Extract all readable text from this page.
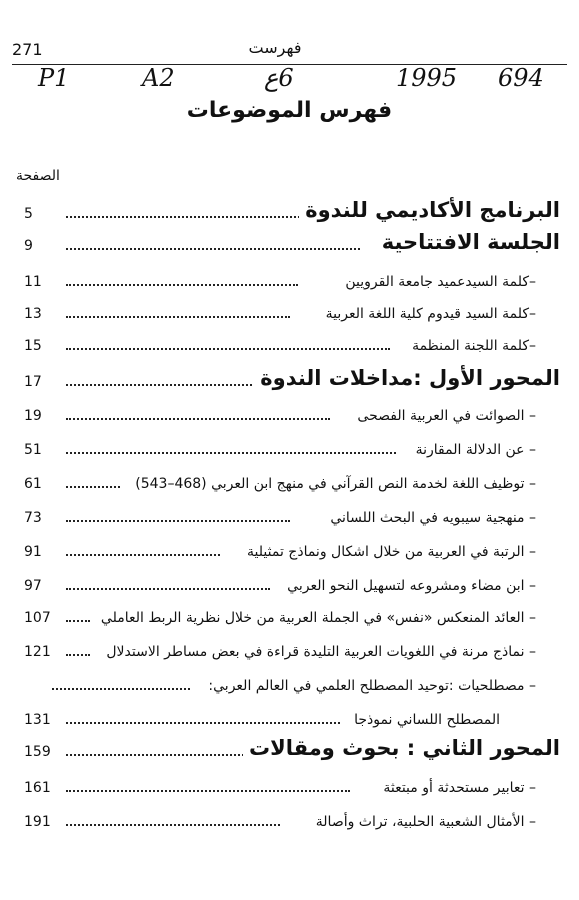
271	فهرست
P1	A2	6ع	1995 694
فهرس الموضوعات
الصفحة
5	البرنامج الأكاديمي للندوة
9	الجلسة الافتتاحية
11	–كلمة السيدعميد جامعة القرويين
13	–كلمة السيد قيدوم كلية اللغة العربية
15	–كلمة اللجنة المنظمة
17	المحور الأول :مداخلات الندوة
19	– الصوائت في العربية الفصحى
51	– عن الدلالة المقارنة
61	– توظيف اللغة لخدمة النص القرآني في منهج ابن العربي (468–543)
73	– منهجية سيبويه في البحث اللساني
91	– الرتبة في العربية من خلال اشكال ونماذج تمثيلية
97	– ابن مضاء ومشروعه لتسهيل النحو العربي
107	– العائد المنعكس «نفس» في الجملة العربية من خلال نظرية الربط العاملي
121	– نماذج مرنة في اللغويات العربية التليدة قراءة في بعض مساطر الاستدلال
– مصطلحيات :توحيد المصطلح العلمي في العالم العربي:
131	المصطلح اللساني نموذجا
159	المحور الثاني : بحوث ومقالات
161	– تعابير مستحدثة أو مبتعثة
191	– الأمثال الشعبية الحلبية، تراث وأصالة
